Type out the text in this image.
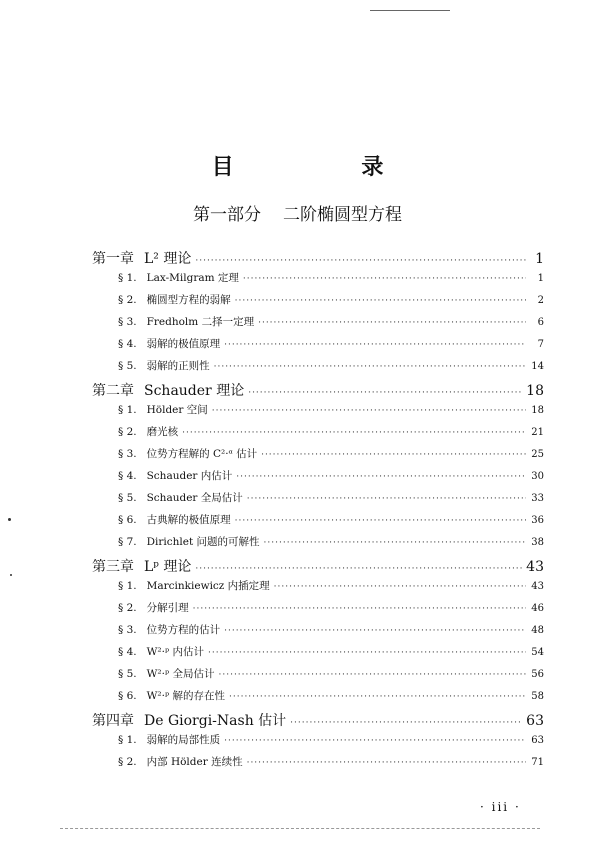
目 录
第一部分 二阶椭圆型方程
第一章 L² 理论 ·····	1
§ 1. Lax-Milgram 定理 ·····	1
§ 2. 椭圆型方程的弱解 ·····	2
§ 3. Fredholm 二择一定理 ·····	6
§ 4. 弱解的极值原理 ·····	7
§ 5. 弱解的正则性 ·····	14
第二章 Schauder 理论 ·····	18
§ 1. Hölder 空间 ·····	18
§ 2. 磨光核 ·····	21
§ 3. 位势方程解的 C²·ᵅ 估计 ·····	25
§ 4. Schauder 内估计 ·····	30
§ 5. Schauder 全局估计 ·····	33
§ 6. 古典解的极值原理 ·····	36
§ 7. Dirichlet 问题的可解性 ·····	38
第三章 Lᵖ 理论 ·····	43
§ 1. Marcinkiewicz 内插定理 ·····	43
§ 2. 分解引理 ·····	46
§ 3. 位势方程的估计 ·····	48
§ 4. W²·ᵖ 内估计 ·····	54
§ 5. W²·ᵖ 全局估计 ·····	56
§ 6. W²·ᵖ 解的存在性 ·····	58
第四章 De Giorgi-Nash 估计 ·····	63
§ 1. 弱解的局部性质 ·····	63
§ 2. 内部 Hölder 连续性 ·····	71
· iii ·
